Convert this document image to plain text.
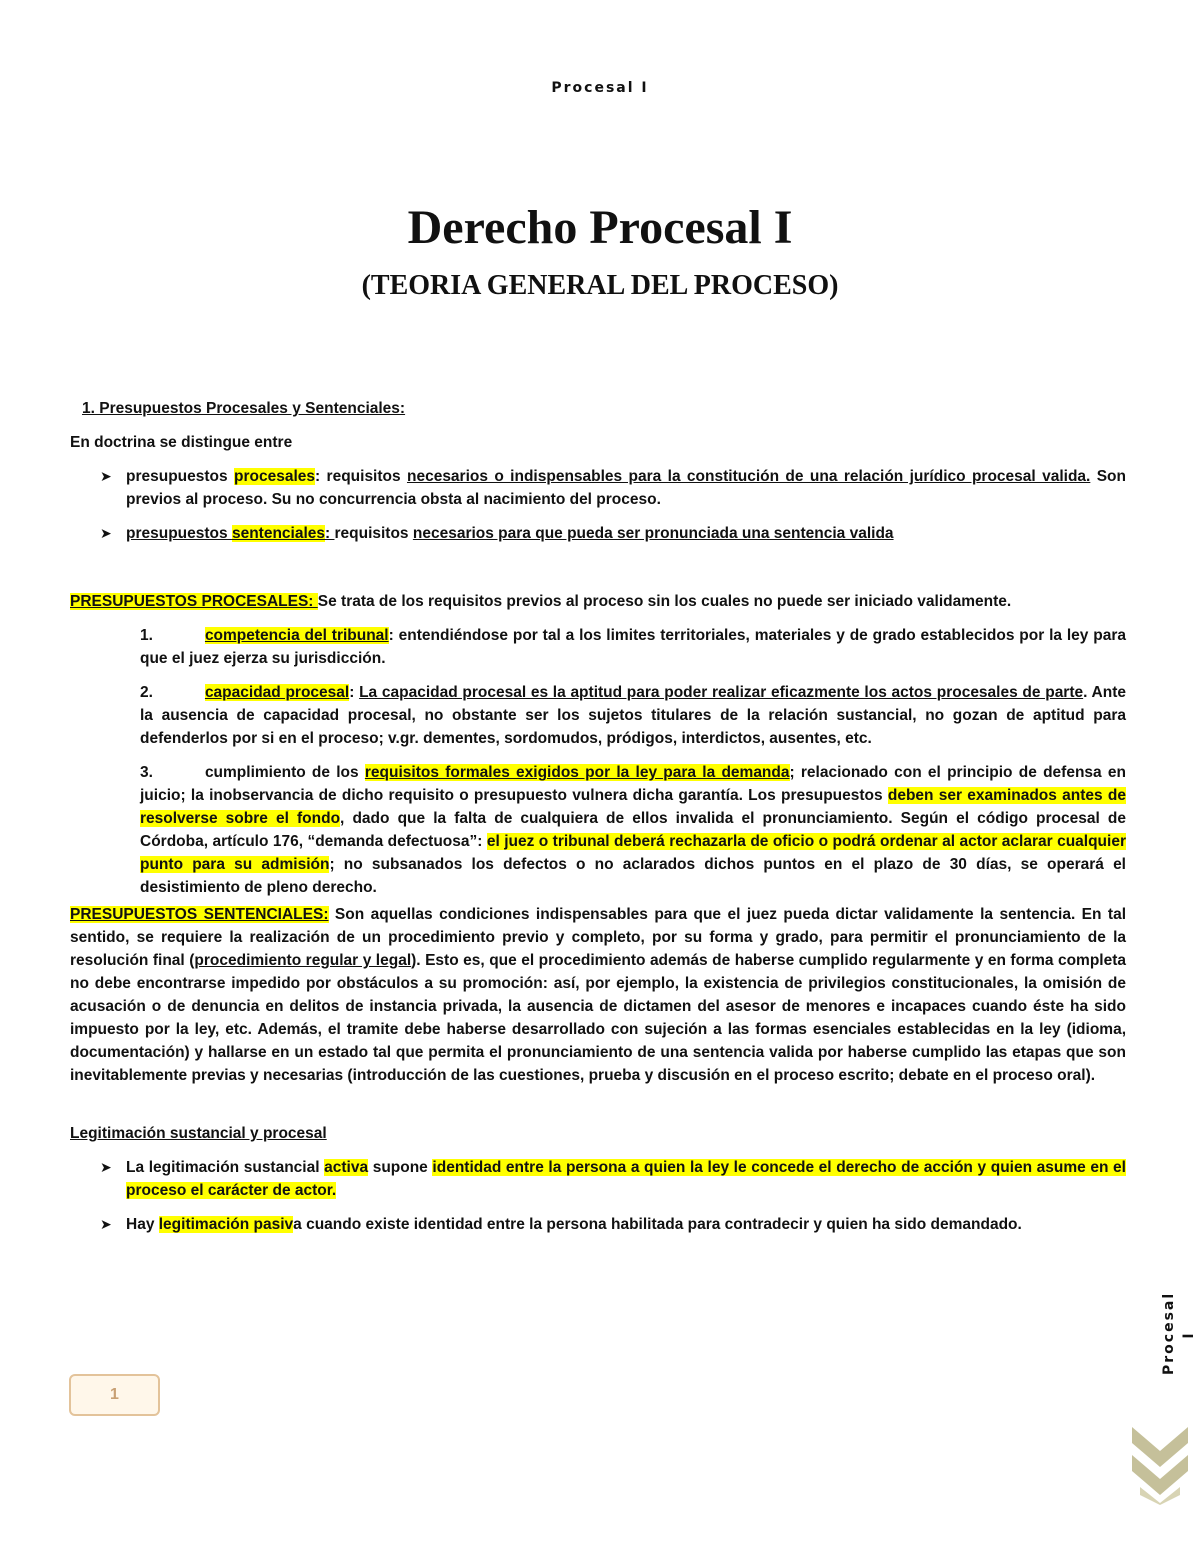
Procesal I
Derecho Procesal I
(TEORIA GENERAL DEL PROCESO)

1. Presupuestos Procesales y Sentenciales:

En doctrina se distingue entre

➤ presupuestos procesales: requisitos necesarios o indispensables para la constitución de una relación jurídico procesal valida. Son previos al proceso. Su no concurrencia obsta al nacimiento del proceso.
➤ presupuestos sentenciales: requisitos necesarios para que pueda ser pronunciada una sentencia valida

PRESUPUESTOS PROCESALES: Se trata de los requisitos previos al proceso sin los cuales no puede ser iniciado validamente.

1.	competencia del tribunal: entendiéndose por tal a los limites territoriales, materiales y de grado establecidos por la ley para que el juez ejerza su jurisdicción.

2.	capacidad procesal: La capacidad procesal es la aptitud para poder realizar eficazmente los actos procesales de parte. Ante la ausencia de capacidad procesal, no obstante ser los sujetos titulares de la relación sustancial, no gozan de aptitud para defenderlos por si en el proceso; v.gr. dementes, sordomudos, pródigos, interdictos, ausentes, etc.

3.	cumplimiento de los requisitos formales exigidos por la ley para la demanda; relacionado con el principio de defensa en juicio; la inobservancia de dicho requisito o presupuesto vulnera dicha garantía. Los presupuestos deben ser examinados antes de resolverse sobre el fondo, dado que la falta de cualquiera de ellos invalida el pronunciamiento. Según el código procesal de Córdoba, artículo 176, “demanda defectuosa”: el juez o tribunal deberá rechazarla de oficio o podrá ordenar al actor aclarar cualquier punto para su admisión; no subsanados los defectos o no aclarados dichos puntos en el plazo de 30 días, se operará el desistimiento de pleno derecho.

PRESUPUESTOS SENTENCIALES: Son aquellas condiciones indispensables para que el juez pueda dictar validamente la sentencia. En tal sentido, se requiere la realización de un procedimiento previo y completo, por su forma y grado, para permitir el pronunciamiento de la resolución final (procedimiento regular y legal). Esto es, que el procedimiento además de haberse cumplido regularmente y en forma completa no debe encontrarse impedido por obstáculos a su promoción: así, por ejemplo, la existencia de privilegios constitucionales, la omisión de acusación o de denuncia en delitos de instancia privada, la ausencia de dictamen del asesor de menores e incapaces cuando éste ha sido impuesto por la ley, etc. Además, el tramite debe haberse desarrollado con sujeción a las formas esenciales establecidas en la ley (idioma, documentación) y hallarse en un estado tal que permita el pronunciamiento de una sentencia valida por haberse cumplido las etapas que son inevitablemente previas y necesarias (introducción de las cuestiones, prueba y discusión en el proceso escrito; debate en el proceso oral).

Legitimación sustancial y procesal

➤ La legitimación sustancial activa supone identidad entre la persona a quien la ley le concede el derecho de acción y quien asume en el proceso el carácter de actor.
➤ Hay legitimación pasiva cuando existe identidad entre la persona habilitada para contradecir y quien ha sido demandado.
1
Procesal I
